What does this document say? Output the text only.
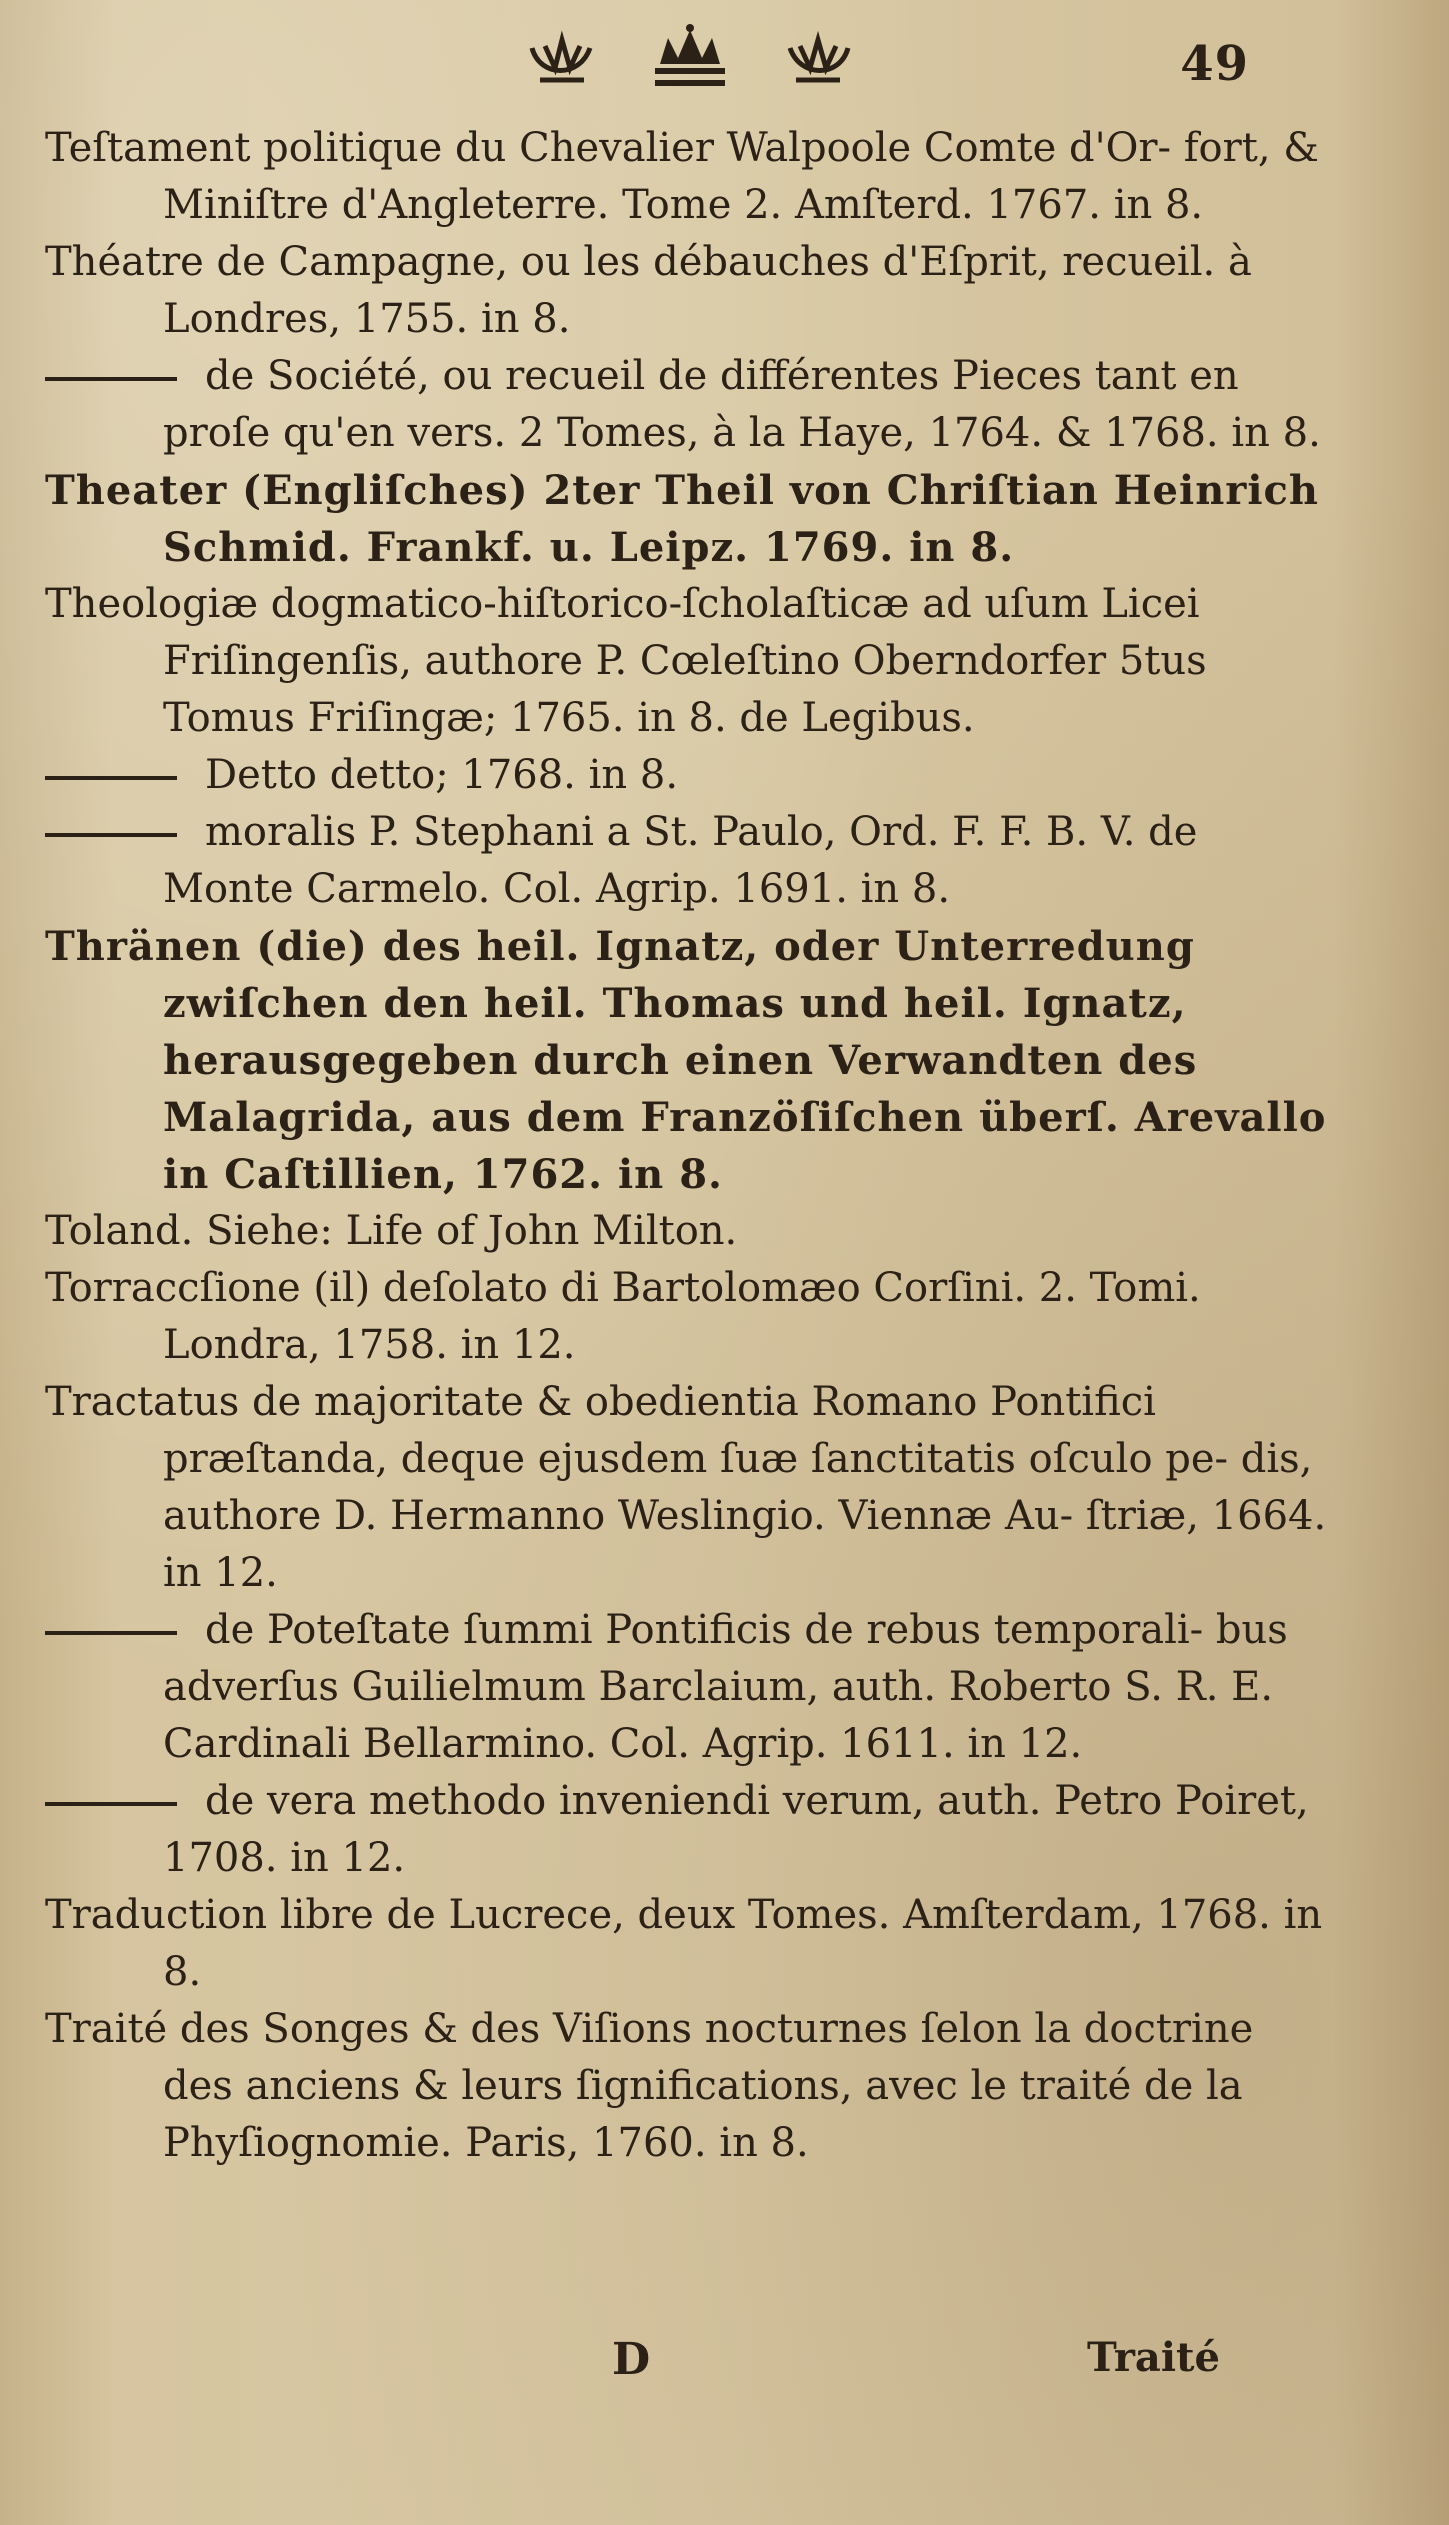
49

Teſtament politique du Chevalier Walpoole Comte d'Or- fort, & Miniſtre d'Angleterre. Tome 2. Amſterd. 1767. in 8.

Théatre de Campagne, ou les débauches d'Eſprit, recueil. à Londres, 1755. in 8.

de Société, ou recueil de différentes Pieces tant en proſe qu'en vers. 2 Tomes, à la Haye, 1764. & 1768. in 8.

Theater (Engliſches) 2ter Theil von Chriſtian Heinrich Schmid. Frankf. u. Leipz. 1769. in 8.

Theologiæ dogmatico-hiſtorico-ſcholaſticæ ad uſum Licei Friſingenſis, authore P. Cœleſtino Oberndorfer 5tus Tomus Friſingæ; 1765. in 8. de Legibus.

Detto detto; 1768. in 8.

moralis P. Stephani a St. Paulo, Ord. F. F. B. V. de Monte Carmelo. Col. Agrip. 1691. in 8.

Thränen (die) des heil. Ignatz, oder Unterredung zwiſchen den heil. Thomas und heil. Ignatz, herausgegeben durch einen Verwandten des Malagrida, aus dem Franzöſiſchen überſ. Arevallo in Caſtillien, 1762. in 8.

Toland. Siehe: Life of John Milton.

Torraccſione (il) deſolato di Bartolomæo Corſini. 2. Tomi. Londra, 1758. in 12.

Tractatus de majoritate & obedientia Romano Pontifici præſtanda, deque ejusdem ſuæ ſanctitatis oſculo pe- dis, authore D. Hermanno Weslingio. Viennæ Au- ſtriæ, 1664. in 12.

de Poteſtate ſummi Pontificis de rebus temporali- bus adverſus Guilielmum Barclaium, auth. Roberto S. R. E. Cardinali Bellarmino. Col. Agrip. 1611. in 12.

de vera methodo inveniendi verum, auth. Petro Poiret, 1708. in 12.

Traduction libre de Lucrece, deux Tomes. Amſterdam, 1768. in 8.

Traité des Songes & des Viſions nocturnes ſelon la doctrine des anciens & leurs ſignifications, avec le traité de la Phyſiognomie. Paris, 1760. in 8.

D	Traité
